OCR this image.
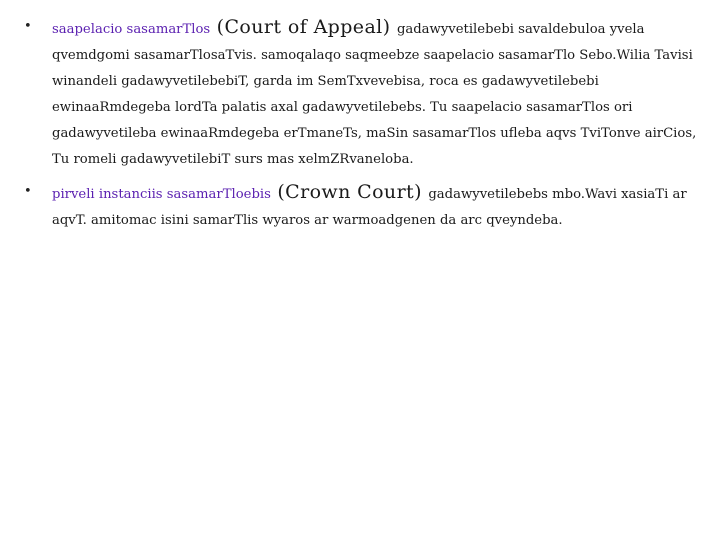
• saapelacio sasamarTlos (Court of Appeal) gadawyvetilebebi savaldebuloa yvela qvemdgomi sasamarTlosaTvis. samoqalaqo saqmeebze saapelacio sasamarTlo Sebo.Wilia Tavisi winandeli gadawyvetilebebiT, garda im SemTxvevebisa, roca es gadawyvetilebebi ewinaaRmdegeba lordTa palatis axal gadawyvetilebebs. Tu saapelacio sasamarTlos ori gadawyvetileba ewinaaRmdegeba erTmaneTs, maSin sasamarTlos ufleba aqvs TviTonve airCios, Tu romeli gadawyvetilebiT surs mas xelmZRvaneloba.
• pirveli instanciis sasamarTloebis (Crown Court) gadawyvetilebebs mbo.Wavi xasiaTi ar aqvT. amitomac isini samarTlis wyaros ar warmoadgenen da arc qveyndeba.
